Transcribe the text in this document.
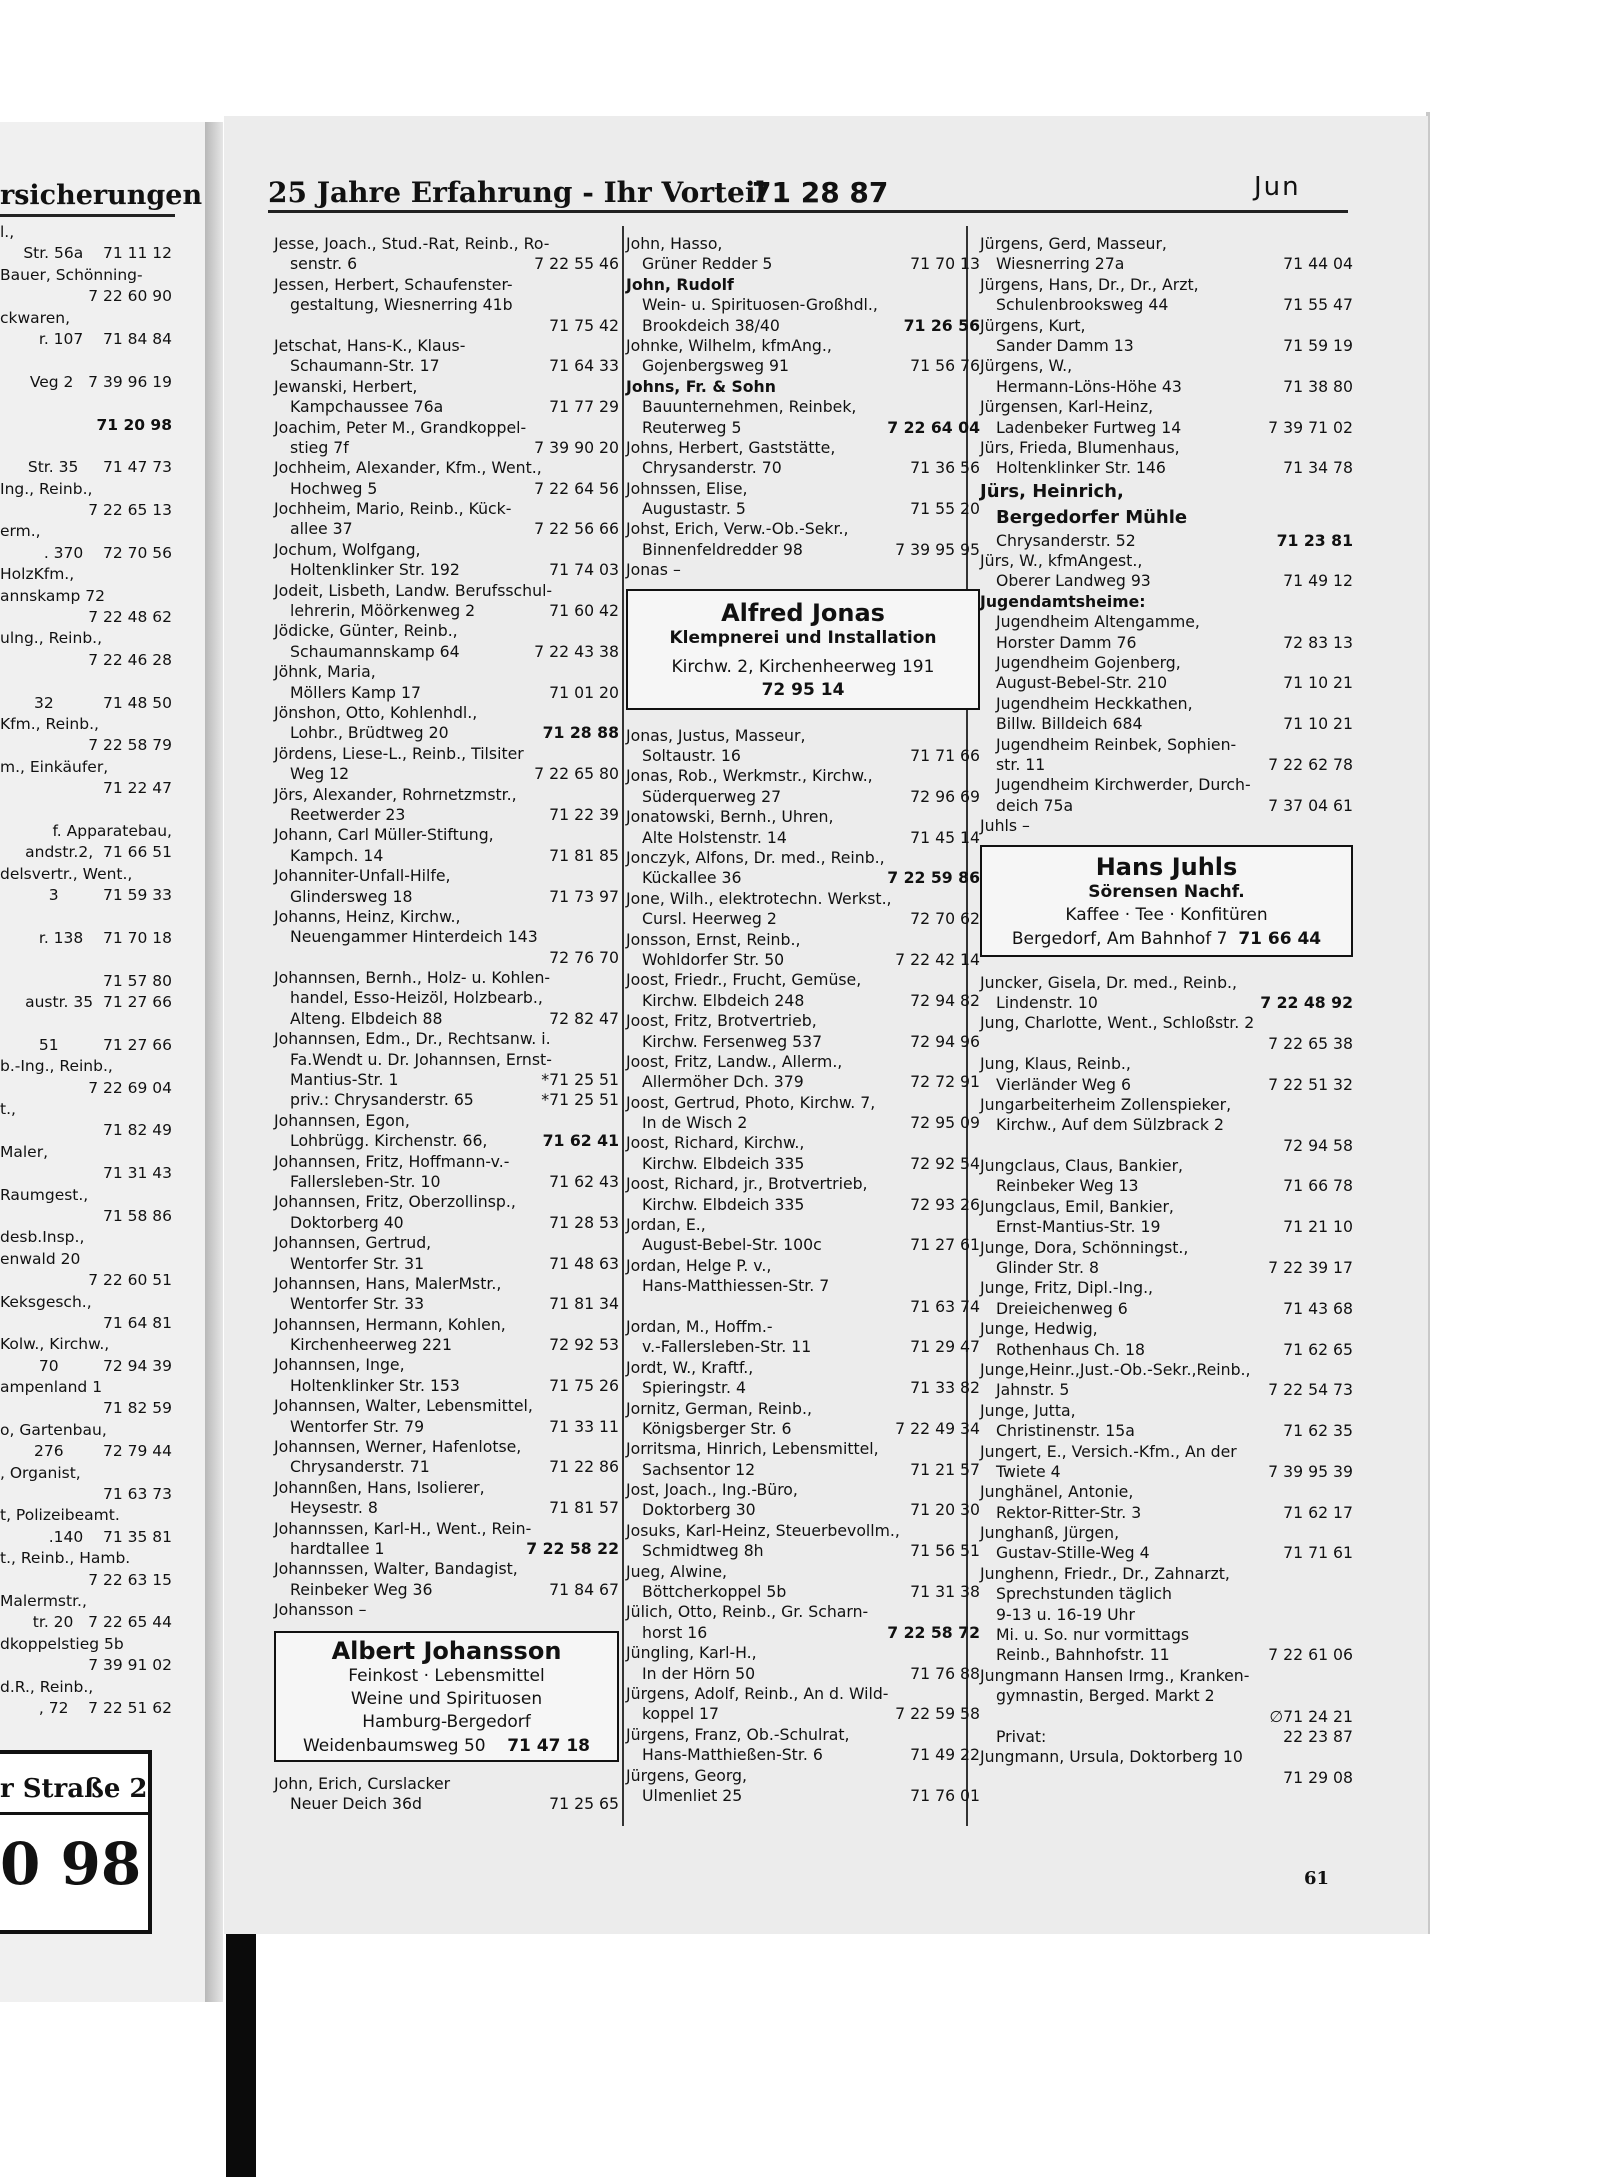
rsicherungen
l.,
Str. 56a    71 11 12
Bauer, Schönning-
7 22 60 90
ckwaren,
r. 107    71 84 84
Veg 2   7 39 96 19
71 20 98
Str. 35     71 47 73
Ing., Reinb.,
7 22 65 13
erm.,
. 370    72 70 56
HolzKfm.,
annskamp 72
7 22 48 62
ulng., Reinb.,
7 22 46 28
32          71 48 50
Kfm., Reinb.,
7 22 58 79
m., Einkäufer,
71 22 47
f. Apparatebau,
andstr.2,  71 66 51
delsvertr., Went.,
3         71 59 33
r. 138    71 70 18
71 57 80
austr. 35  71 27 66
51         71 27 66
b.-Ing., Reinb.,
7 22 69 04
t.,
71 82 49
Maler,
71 31 43
Raumgest.,
71 58 86
desb.Insp.,
enwald 20
7 22 60 51
Keksgesch.,
71 64 81
Kolw., Kirchw.,
70         72 94 39
ampenland 1
71 82 59
o, Gartenbau,
276        72 79 44
, Organist,
71 63 73
t, Polizeibeamt.
.140    71 35 81
t., Reinb., Hamb.
7 22 63 15
Malermstr.,
tr. 20   7 22 65 44
dkoppelstieg 5b
7 39 91 02
d.R., Reinb.,
, 72    7 22 51 62
r Straße 2
0 98
25 Jahre Erfahrung - Ihr Vorteil
71 28 87	Jun
Jesse, Joach., Stud.-Rat, Reinb., Ro-
senstr. 6	7 22 55 46
Jessen, Herbert, Schaufenster-
gestaltung, Wiesnerring 41b
71 75 42
Jetschat, Hans-K., Klaus-
Schaumann-Str. 17	71 64 33
Jewanski, Herbert,
Kampchaussee 76a	71 77 29
Joachim, Peter M., Grandkoppel-
stieg 7f	7 39 90 20
Jochheim, Alexander, Kfm., Went.,
Hochweg 5	7 22 64 56
Jochheim, Mario, Reinb., Kück-
allee 37	7 22 56 66
Jochum, Wolfgang,
Holtenklinker Str. 192	71 74 03
Jodeit, Lisbeth, Landw. Berufsschul-
lehrerin, Möörkenweg 2	71 60 42
Jödicke, Günter, Reinb.,
Schaumannskamp 64	7 22 43 38
Jöhnk, Maria,
Möllers Kamp 17	71 01 20
Jönshon, Otto, Kohlenhdl.,
Lohbr., Brüdtweg 20	71 28 88
Jördens, Liese-L., Reinb., Tilsiter
Weg 12	7 22 65 80
Jörs, Alexander, Rohrnetzmstr.,
Reetwerder 23	71 22 39
Johann, Carl Müller-Stiftung,
Kampch. 14	71 81 85
Johanniter-Unfall-Hilfe,
Glindersweg 18	71 73 97
Johanns, Heinz, Kirchw.,
Neuengammer Hinterdeich 143
72 76 70
Johannsen, Bernh., Holz- u. Kohlen-
handel, Esso-Heizöl, Holzbearb.,
Alteng. Elbdeich 88	72 82 47
Johannsen, Edm., Dr., Rechtsanw. i.
Fa.Wendt u. Dr. Johannsen, Ernst-
Mantius-Str. 1	*71 25 51
priv.: Chrysanderstr. 65	*71 25 51
Johannsen, Egon,
Lohbrügg. Kirchenstr. 66,	71 62 41
Johannsen, Fritz, Hoffmann-v.-
Fallersleben-Str. 10	71 62 43
Johannsen, Fritz, Oberzollinsp.,
Doktorberg 40	71 28 53
Johannsen, Gertrud,
Wentorfer Str. 31	71 48 63
Johannsen, Hans, MalerMstr.,
Wentorfer Str. 33	71 81 34
Johannsen, Hermann, Kohlen,
Kirchenheerweg 221	72 92 53
Johannsen, Inge,
Holtenklinker Str. 153	71 75 26
Johannsen, Walter, Lebensmittel,
Wentorfer Str. 79	71 33 11
Johannsen, Werner, Hafenlotse,
Chrysanderstr. 71	71 22 86
Johannßen, Hans, Isolierer,
Heysestr. 8	71 81 57
Johannssen, Karl-H., Went., Rein-
hardtallee 1	7 22 58 22
Johannssen, Walter, Bandagist,
Reinbeker Weg 36	71 84 67
Johansson –
Albert Johansson
Feinkost · Lebensmittel
Weine und Spirituosen
Hamburg-Bergedorf
Weidenbaumsweg 50 71 47 18
John, Erich, Curslacker
Neuer Deich 36d	71 25 65
John, Hasso,
Grüner Redder 5	71 70 13
John, Rudolf
Wein- u. Spirituosen-Großhdl.,
Brookdeich 38/40	71 26 56
Johnke, Wilhelm, kfmAng.,
Gojenbergsweg 91	71 56 76
Johns, Fr. & Sohn
Bauunternehmen, Reinbek,
Reuterweg 5	7 22 64 04
Johns, Herbert, Gaststätte,
Chrysanderstr. 70	71 36 56
Johnssen, Elise,
Augustastr. 5	71 55 20
Johst, Erich, Verw.-Ob.-Sekr.,
Binnenfeldredder 98	7 39 95 95
Jonas –
Alfred Jonas
Klempnerei und Installation
Kirchw. 2, Kirchenheerweg 191
72 95 14
Jonas, Justus, Masseur,
Soltaustr. 16	71 71 66
Jonas, Rob., Werkmstr., Kirchw.,
Süderquerweg 27	72 96 69
Jonatowski, Bernh., Uhren,
Alte Holstenstr. 14	71 45 14
Jonczyk, Alfons, Dr. med., Reinb.,
Kückallee 36	7 22 59 86
Jone, Wilh., elektrotechn. Werkst.,
Cursl. Heerweg 2	72 70 62
Jonsson, Ernst, Reinb.,
Wohldorfer Str. 50	7 22 42 14
Joost, Friedr., Frucht, Gemüse,
Kirchw. Elbdeich 248	72 94 82
Joost, Fritz, Brotvertrieb,
Kirchw. Fersenweg 537	72 94 96
Joost, Fritz, Landw., Allerm.,
Allermöher Dch. 379	72 72 91
Joost, Gertrud, Photo, Kirchw. 7,
In de Wisch 2	72 95 09
Joost, Richard, Kirchw.,
Kirchw. Elbdeich 335	72 92 54
Joost, Richard, jr., Brotvertrieb,
Kirchw. Elbdeich 335	72 93 26
Jordan, E.,
August-Bebel-Str. 100c	71 27 61
Jordan, Helge P. v.,
Hans-Matthiessen-Str. 7
71 63 74
Jordan, M., Hoffm.-
v.-Fallersleben-Str. 11	71 29 47
Jordt, W., Kraftf.,
Spieringstr. 4	71 33 82
Jornitz, German, Reinb.,
Königsberger Str. 6	7 22 49 34
Jorritsma, Hinrich, Lebensmittel,
Sachsentor 12	71 21 57
Jost, Joach., Ing.-Büro,
Doktorberg 30	71 20 30
Josuks, Karl-Heinz, Steuerbevollm.,
Schmidtweg 8h	71 56 51
Jueg, Alwine,
Böttcherkoppel 5b	71 31 38
Jülich, Otto, Reinb., Gr. Scharn-
horst 16	7 22 58 72
Jüngling, Karl-H.,
In der Hörn 50	71 76 88
Jürgens, Adolf, Reinb., An d. Wild-
koppel 17	7 22 59 58
Jürgens, Franz, Ob.-Schulrat,
Hans-Matthießen-Str. 6	71 49 22
Jürgens, Georg,
Ulmenliet 25	71 76 01
Jürgens, Gerd, Masseur,
Wiesnerring 27a	71 44 04
Jürgens, Hans, Dr., Dr., Arzt,
Schulenbrooksweg 44	71 55 47
Jürgens, Kurt,
Sander Damm 13	71 59 19
Jürgens, W.,
Hermann-Löns-Höhe 43	71 38 80
Jürgensen, Karl-Heinz,
Ladenbeker Furtweg 14	7 39 71 02
Jürs, Frieda, Blumenhaus,
Holtenklinker Str. 146	71 34 78
Jürs, Heinrich,
Bergedorfer Mühle
Chrysanderstr. 52	71 23 81
Jürs, W., kfmAngest.,
Oberer Landweg 93	71 49 12
Jugendamtsheime:
Jugendheim Altengamme,
Horster Damm 76	72 83 13
Jugendheim Gojenberg,
August-Bebel-Str. 210	71 10 21
Jugendheim Heckkathen,
Billw. Billdeich 684	71 10 21
Jugendheim Reinbek, Sophien-
str. 11	7 22 62 78
Jugendheim Kirchwerder, Durch-
deich 75a	7 37 04 61
Juhls –
Hans Juhls
Sörensen Nachf.
Kaffee · Tee · Konfitüren
Bergedorf, Am Bahnhof 7 71 66 44
Juncker, Gisela, Dr. med., Reinb.,
Lindenstr. 10	7 22 48 92
Jung, Charlotte, Went., Schloßstr. 2
7 22 65 38
Jung, Klaus, Reinb.,
Vierländer Weg 6	7 22 51 32
Jungarbeiterheim Zollenspieker,
Kirchw., Auf dem Sülzbrack 2
72 94 58
Jungclaus, Claus, Bankier,
Reinbeker Weg 13	71 66 78
Jungclaus, Emil, Bankier,
Ernst-Mantius-Str. 19	71 21 10
Junge, Dora, Schönningst.,
Glinder Str. 8	7 22 39 17
Junge, Fritz, Dipl.-Ing.,
Dreieichenweg 6	71 43 68
Junge, Hedwig,
Rothenhaus Ch. 18	71 62 65
Junge,Heinr.,Just.-Ob.-Sekr.,Reinb.,
Jahnstr. 5	7 22 54 73
Junge, Jutta,
Christinenstr. 15a	71 62 35
Jungert, E., Versich.-Kfm., An der
Twiete 4	7 39 95 39
Junghänel, Antonie,
Rektor-Ritter-Str. 3	71 62 17
Junghanß, Jürgen,
Gustav-Stille-Weg 4	71 71 61
Junghenn, Friedr., Dr., Zahnarzt,
Sprechstunden täglich
9-13 u. 16-19 Uhr
Mi. u. So. nur vormittags
Reinb., Bahnhofstr. 11	7 22 61 06
Jungmann Hansen Irmg., Kranken-
gymnastin, Berged. Markt 2
∅71 24 21
Privat:	22 23 87
Jungmann, Ursula, Doktorberg 10
71 29 08
61
